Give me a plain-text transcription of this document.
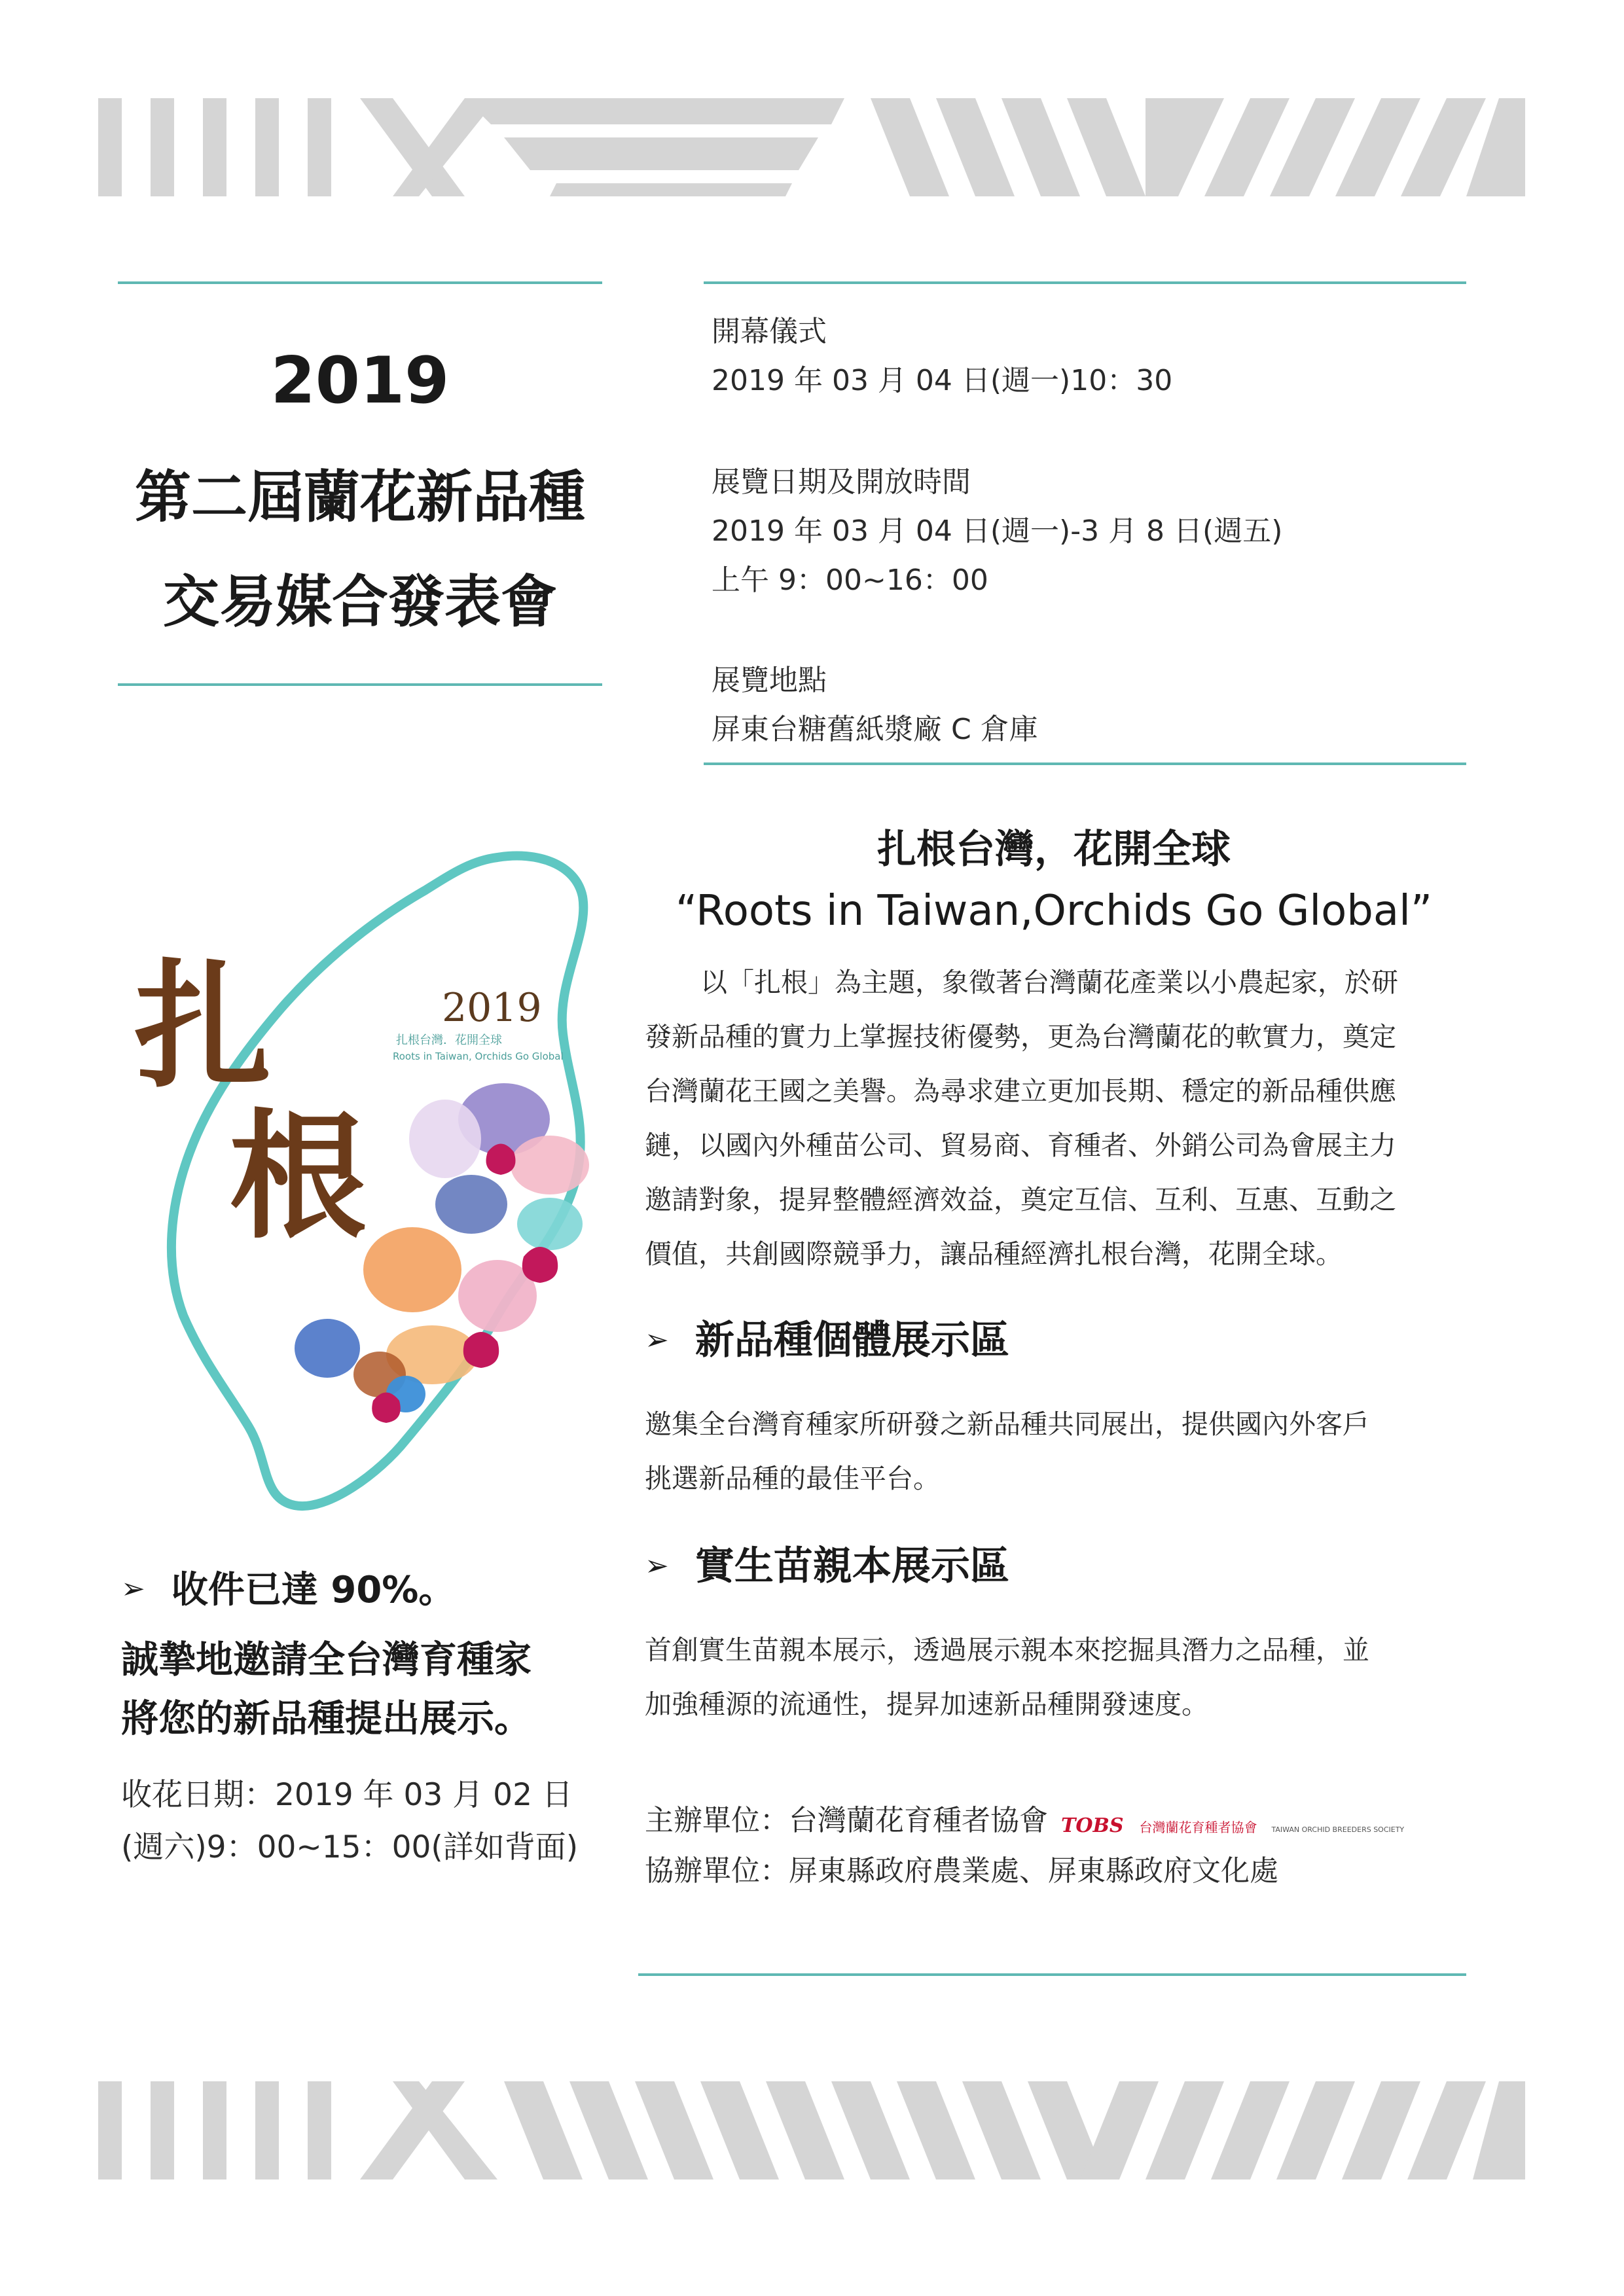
2019
第二屆蘭花新品種
交易媒合發表會
開幕儀式
2019 年 03 月 04 日(週一)10：30
展覽日期及開放時間
2019 年 03 月 04 日(週一)-3 月 8 日(週五)
上午 9：00~16：00
展覽地點
屏東台糖舊紙漿廠 C 倉庫
扎
根
2019
扎根台灣．花開全球
Roots in Taiwan, Orchids Go Global
扎根台灣，花開全球
“Roots in Taiwan,Orchids Go Global”
以「扎根」為主題，象徵著台灣蘭花產業以小農起家，於研
發新品種的實力上掌握技術優勢，更為台灣蘭花的軟實力，奠定
台灣蘭花王國之美譽。為尋求建立更加長期、穩定的新品種供應
鏈，以國內外種苗公司、貿易商、育種者、外銷公司為會展主力
邀請對象，提昇整體經濟效益，奠定互信、互利、互惠、互動之
價值，共創國際競爭力，讓品種經濟扎根台灣，花開全球。
➢ 新品種個體展示區
邀集全台灣育種家所研發之新品種共同展出，提供國內外客戶
挑選新品種的最佳平台。
➢ 實生苗親本展示區
首創實生苗親本展示，透過展示親本來挖掘具潛力之品種，並
加強種源的流通性，提昇加速新品種開發速度。
➢ 收件已達 90%。
誠摯地邀請全台灣育種家
將您的新品種提出展示。
收花日期：2019 年 03 月 02 日
(週六)9：00~15：00(詳如背面)
主辦單位：台灣蘭花育種者協會 TOBS 台灣蘭花育種者協會 TAIWAN ORCHID BREEDERS SOCIETY
協辦單位：屏東縣政府農業處、屏東縣政府文化處
